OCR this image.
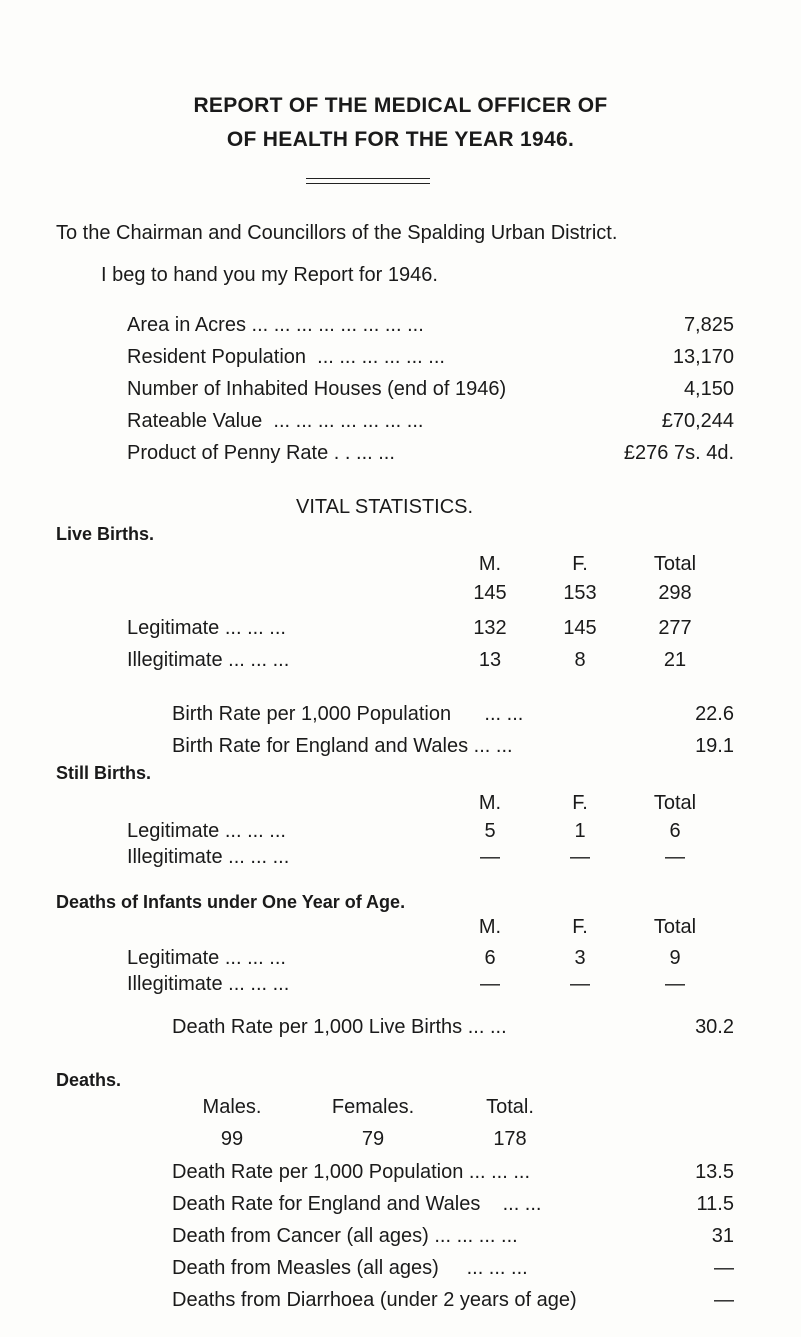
REPORT OF THE MEDICAL OFFICER OF
OF HEALTH FOR THE YEAR 1946.
To the Chairman and Councillors of the Spalding Urban District.
I beg to hand you my Report for 1946.
Area in Acres ... ... ... ... ... ... ... ...	7,825
Resident Population ... ... ... ... ... ...	13,170
Number of Inhabited Houses (end of 1946)	4,150
Rateable Value ... ... ... ... ... ... ...	£70,244
Product of Penny Rate . . ... ...	£276 7s. 4d.
VITAL STATISTICS.
Live Births.
M.	F.	Total
145	153	298
Legitimate ... ... ...	132	145	277
Illegitimate ... ... ...	13	8	21
Birth Rate per 1,000 Population ... ...	22.6
Birth Rate for England and Wales ... ...	19.1
Still Births.
M.	F.	Total
Legitimate ... ... ...	5	1	6
Illegitimate ... ... ...	—	—	—
Deaths of Infants under One Year of Age.
M.	F.	Total
Legitimate ... ... ...	6	3	9
Illegitimate ... ... ...	—	—	—
Death Rate per 1,000 Live Births ... ...	30.2
Deaths.
Males.	Females.	Total.
99	79	178
Death Rate per 1,000 Population ... ... ...	13.5
Death Rate for England and Wales ... ...	11.5
Death from Cancer (all ages) ... ... ... ...	31
Death from Measles (all ages) ... ... ...	—
Deaths from Diarrhoea (under 2 years of age)	—
